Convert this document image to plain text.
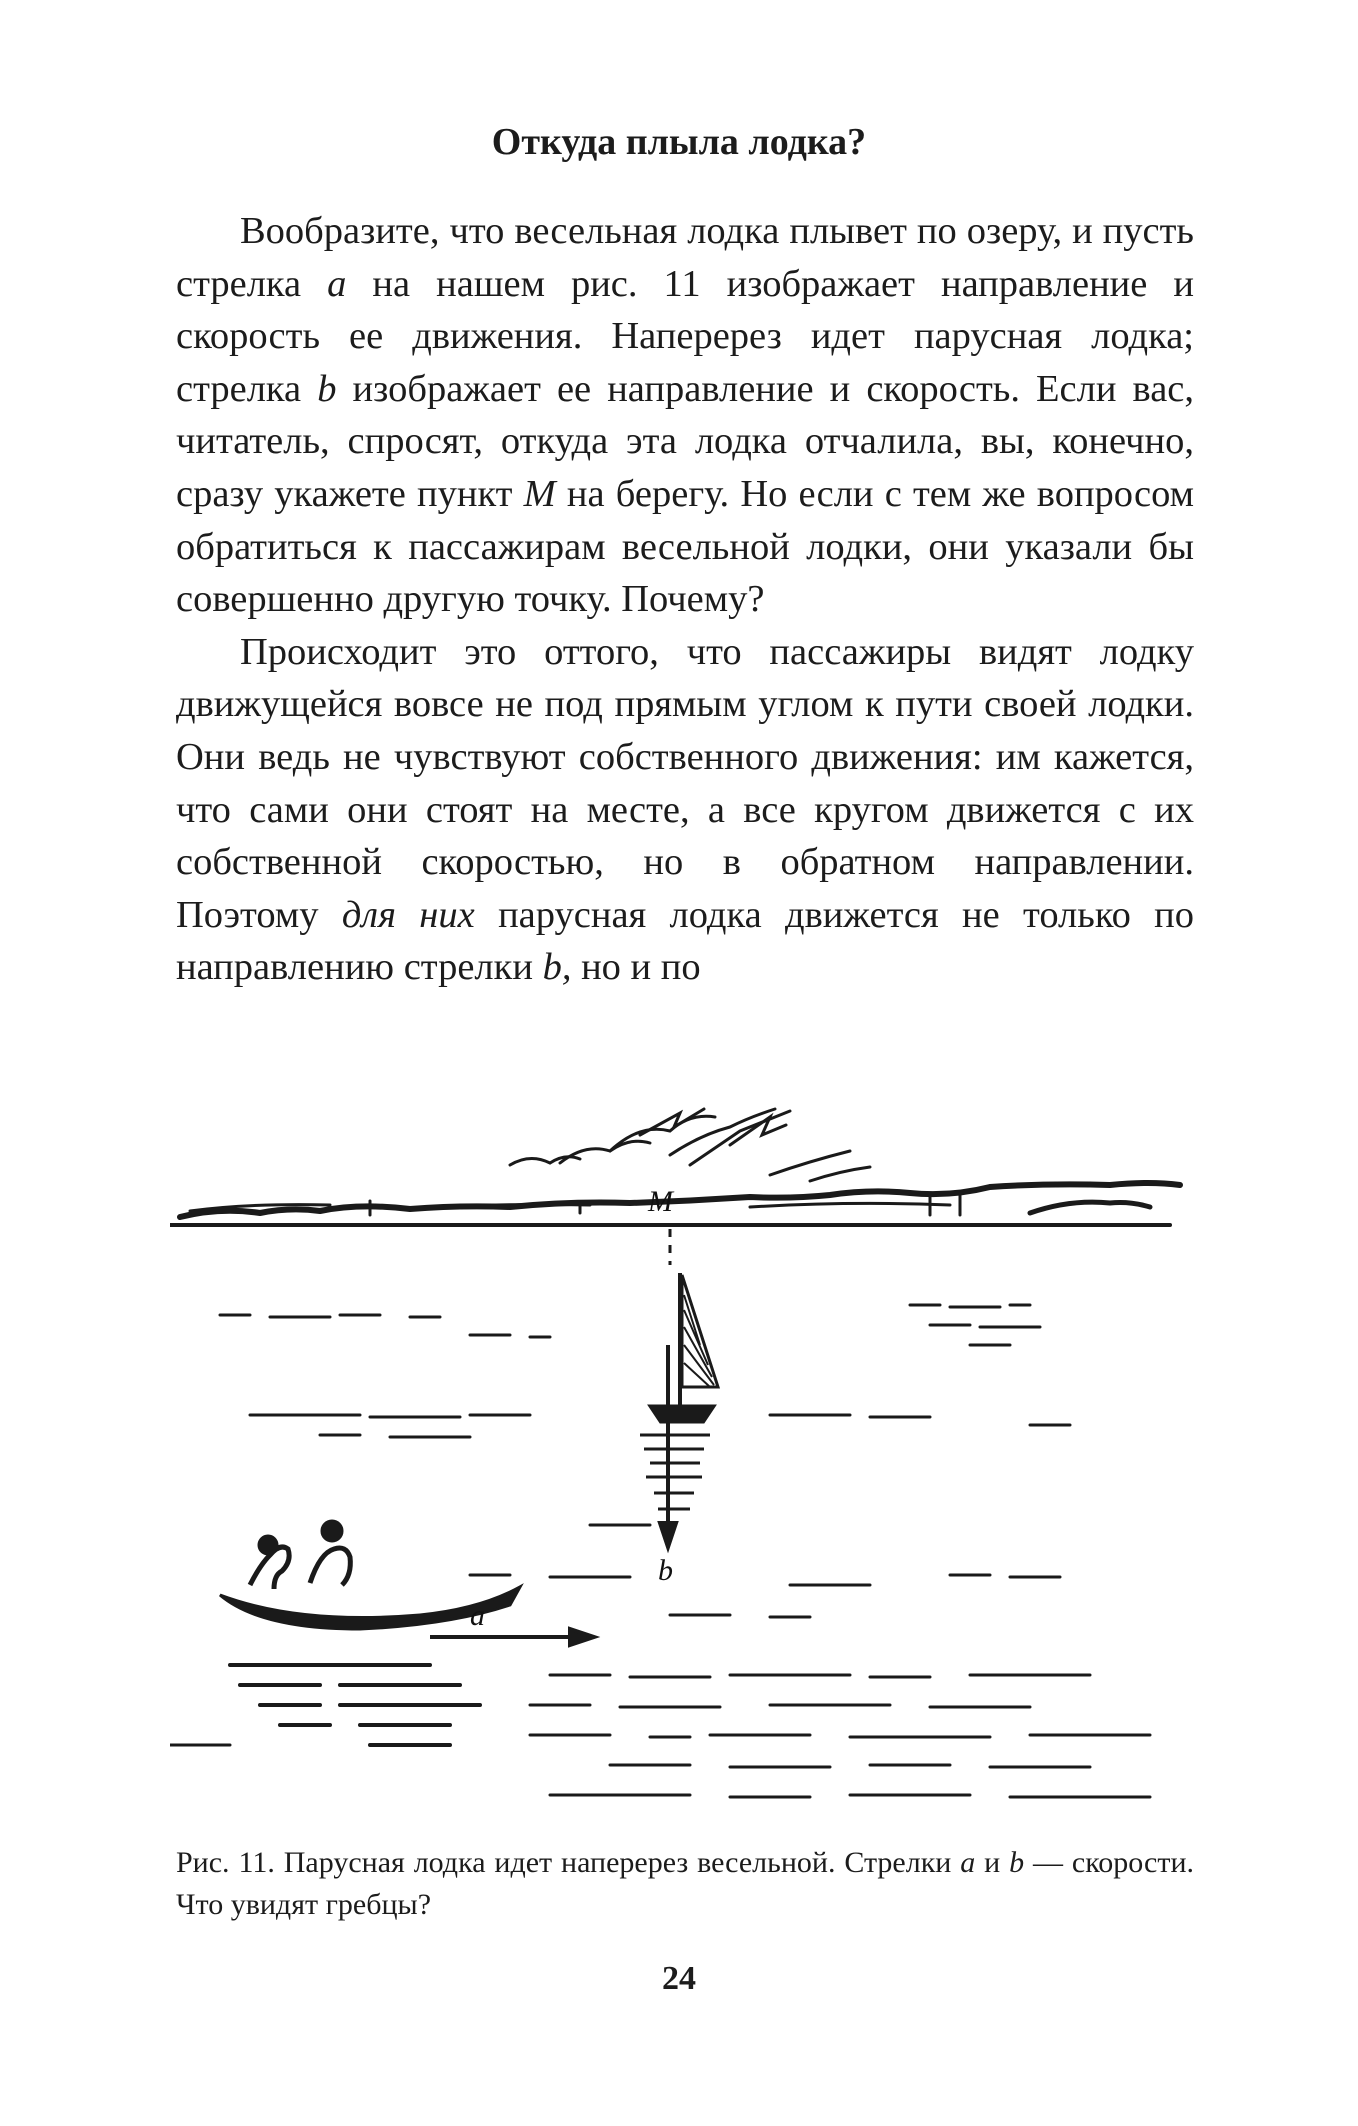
Откуда плыла лодка?

Вообразите, что весельная лодка плывет по озеру, и пусть стрелка a на нашем рис. 11 изображает направление и скорость ее движения. Наперерез идет парусная лодка; стрелка b изображает ее направление и скорость. Если вас, читатель, спросят, откуда эта лодка отчалила, вы, конечно, сразу укажете пункт M на берегу. Но если с тем же вопросом обратиться к пассажирам весельной лодки, они указали бы совершенно другую точку. Почему?

Происходит это оттого, что пассажиры видят лодку движущейся вовсе не под прямым углом к пути своей лодки. Они ведь не чувствуют собственного движения: им кажется, что сами они стоят на месте, а все кругом движется с их собственной скоростью, но в обратном направлении. Поэтому для них парусная лодка движется не только по направлению стрелки b, но и по

M
b
a
Рис. 11. Парусная лодка идет наперерез весельной. Стрелки a и b — скорости. Что увидят гребцы?
24
